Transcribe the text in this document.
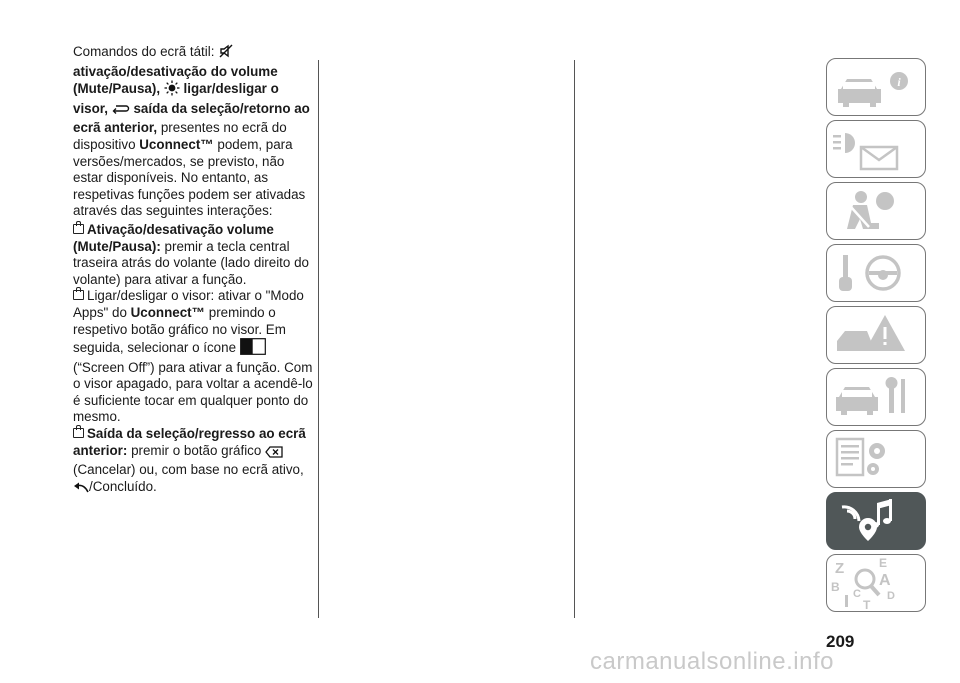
Comandos do ecrã tátil:  ativação/desativação do volume (Mute/Pausa), ligar/desligar o visor, saída da seleção/retorno ao ecrã anterior, presentes no ecrã do dispositivo Uconnect™ podem, para versões/mercados, se previsto, não estar disponíveis. No entanto, as respetivas funções podem ser ativadas através das seguintes interações:

Ativação/desativação volume (Mute/Pausa): premir a tecla central traseira atrás do volante (lado direito do volante) para ativar a função.

Ligar/desligar o visor: ativar o "Modo Apps" do Uconnect™ premindo o respetivo botão gráfico no visor. Em seguida, selecionar o ícone  (“Screen Off”) para ativar a função. Com o visor apagado, para voltar a acendê-lo é suficiente tocar em qualquer ponto do mesmo.

Saída da seleção/regresso ao ecrã anterior: premir o botão gráfico  (Cancelar) ou, com base no ecrã ativo, /Concluído.

i
Z	E
A
B C
T
D
209
carmanualsonline.info
